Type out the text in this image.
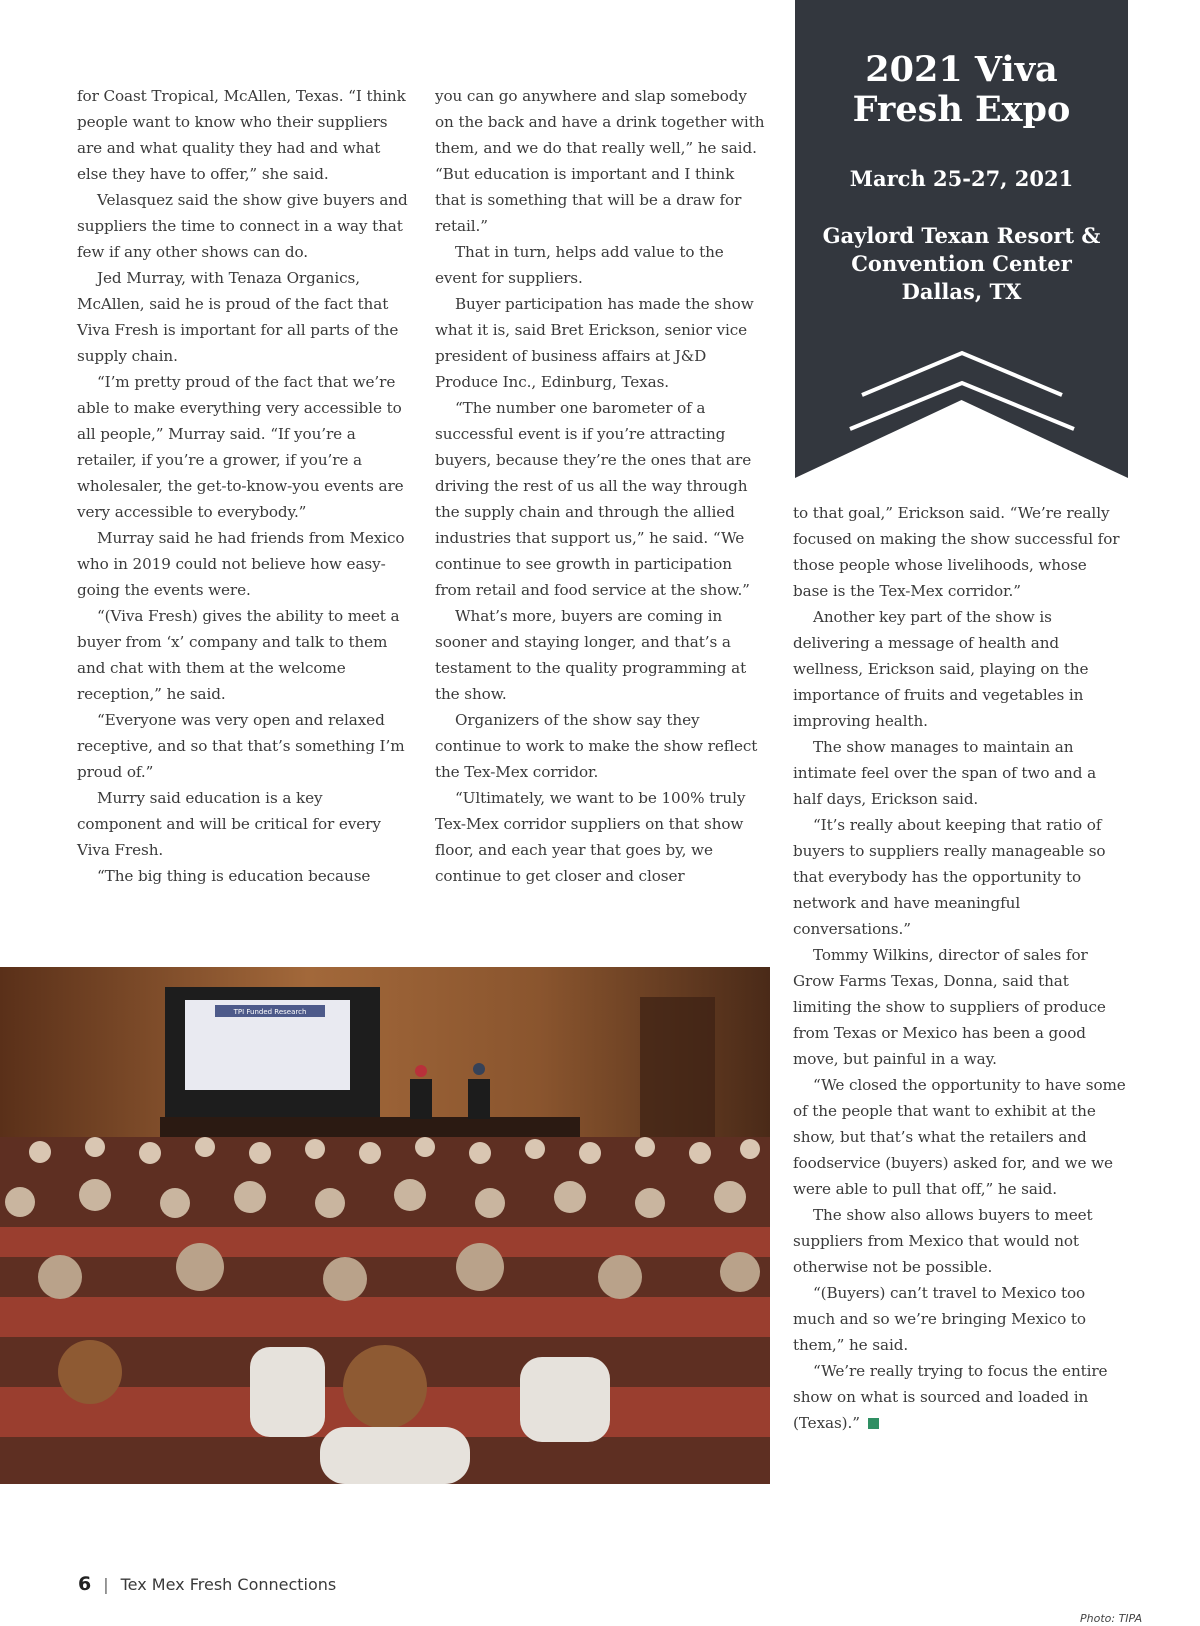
for Coast Tropical, McAllen, Texas. “I think people want to know who their suppliers are and what quality they had and what else they have to offer,” she said.

Velasquez said the show give buyers and suppliers the time to connect in a way that few if any other shows can do.

Jed Murray, with Tenaza Organics, McAllen, said he is proud of the fact that Viva Fresh is important for all parts of the supply chain.

“I’m pretty proud of the fact that we’re able to make everything very accessible to all people,” Murray said. “If you’re a retailer, if you’re a grower, if you’re a wholesaler, the get-to-know-you events are very accessible to everybody.”

Murray said he had friends from Mexico who in 2019 could not believe how easy-going the events were.

“(Viva Fresh) gives the ability to meet a buyer from ‘x’ company and talk to them and chat with them at the welcome reception,” he said.

“Everyone was very open and relaxed receptive, and so that that’s something I’m proud of.”

Murry said education is a key component and will be critical for every Viva Fresh.

“The big thing is education because

you can go anywhere and slap somebody on the back and have a drink together with them, and we do that really well,” he said. “But education is important and I think that is something that will be a draw for retail.”

That in turn, helps add value to the event for suppliers.

Buyer participation has made the show what it is, said Bret Erickson, senior vice president of business affairs at J&D Produce Inc., Edinburg, Texas.

“The number one barometer of a successful event is if you’re attracting buyers, because they’re the ones that are driving the rest of us all the way through the supply chain and through the allied industries that support us,” he said. “We continue to see growth in participation from retail and food service at the show.”

What’s more, buyers are coming in sooner and staying longer, and that’s a testament to the quality programming at the show.

Organizers of the show say they continue to work to make the show reflect the Tex-Mex corridor.

“Ultimately, we want to be 100% truly Tex-Mex corridor suppliers on that show floor, and each year that goes by, we continue to get closer and closer

2021 Viva
Fresh Expo
March 25-27, 2021
Gaylord Texan Resort &
Convention Center
Dallas, TX

to that goal,” Erickson said. “We’re really focused on making the show successful for those people whose livelihoods, whose base is the Tex-Mex corridor.”

Another key part of the show is delivering a message of health and wellness, Erickson said, playing on the importance of fruits and vegetables in improving health.

The show manages to maintain an intimate feel over the span of two and a half days, Erickson said.

“It’s really about keeping that ratio of buyers to suppliers really manageable so that everybody has the opportunity to network and have meaningful conversations.”

Tommy Wilkins, director of sales for Grow Farms Texas, Donna, said that limiting the show to suppliers of produce from Texas or Mexico has been a good move, but painful in a way.

“We closed the opportunity to have some of the people that want to exhibit at the show, but that’s what the retailers and foodservice (buyers) asked for, and we we were able to pull that off,” he said.

The show also allows buyers to meet suppliers from Mexico that would not otherwise not be possible.

“(Buyers) can’t travel to Mexico too much and so we’re bringing Mexico to them,” he said.

“We’re really trying to focus the entire show on what is sourced and loaded in (Texas).”

TPI Funded Research
6 | Tex Mex Fresh Connections
Photo: TIPA
